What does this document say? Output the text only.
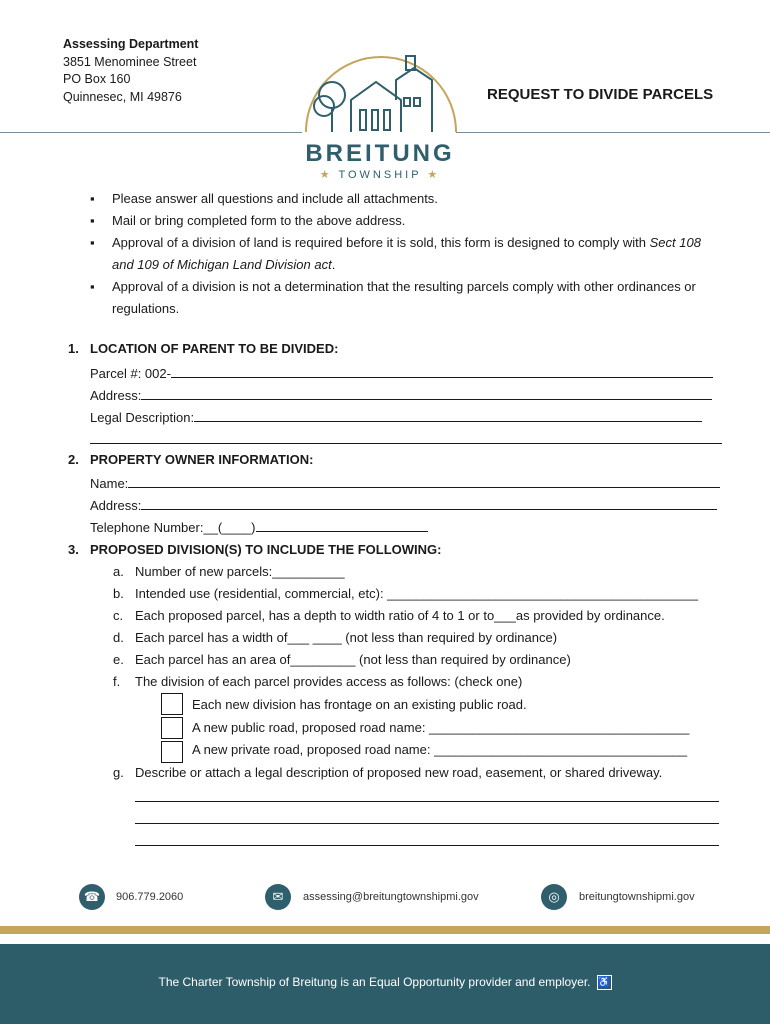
Assessing Department
3851 Menominee Street
PO Box 160
Quinnesec, MI 49876
BREITUNG
★ TOWNSHIP ★
REQUEST TO DIVIDE PARCELS
▪ Please answer all questions and include all attachments.
▪ Mail or bring completed form to the above address.
▪ Approval of a division of land is required before it is sold, this form is designed to comply with Sect 108 and 109 of Michigan Land Division act.
▪ Approval of a division is not a determination that the resulting parcels comply with other ordinances or regulations.
1. LOCATION OF PARENT TO BE DIVIDED:
Parcel #: 002-
Address:
Legal Description:
2. PROPERTY OWNER INFORMATION:
Name:
Address:
Telephone Number:__(____)
3. PROPOSED DIVISION(S) TO INCLUDE THE FOLLOWING:
a. Number of new parcels:__________
b. Intended use (residential, commercial, etc): ___________________________________________
c. Each proposed parcel, has a depth to width ratio of 4 to 1 or to___as provided by ordinance.
d. Each parcel has a width of___ ____ (not less than required by ordinance)
e. Each parcel has an area of_________ (not less than required by ordinance)
f. The division of each parcel provides access as follows: (check one)
Each new division has frontage on an existing public road.
A new public road, proposed road name: ____________________________________
A new private road, proposed road name: ___________________________________
g. Describe or attach a legal description of proposed new road, easement, or shared driveway.
☎	906.779.2060	✉	assessing@breitungtownshipmi.gov	◎	breitungtownshipmi.gov
The Charter Township of Breitung is an Equal Opportunity provider and employer. ♿
